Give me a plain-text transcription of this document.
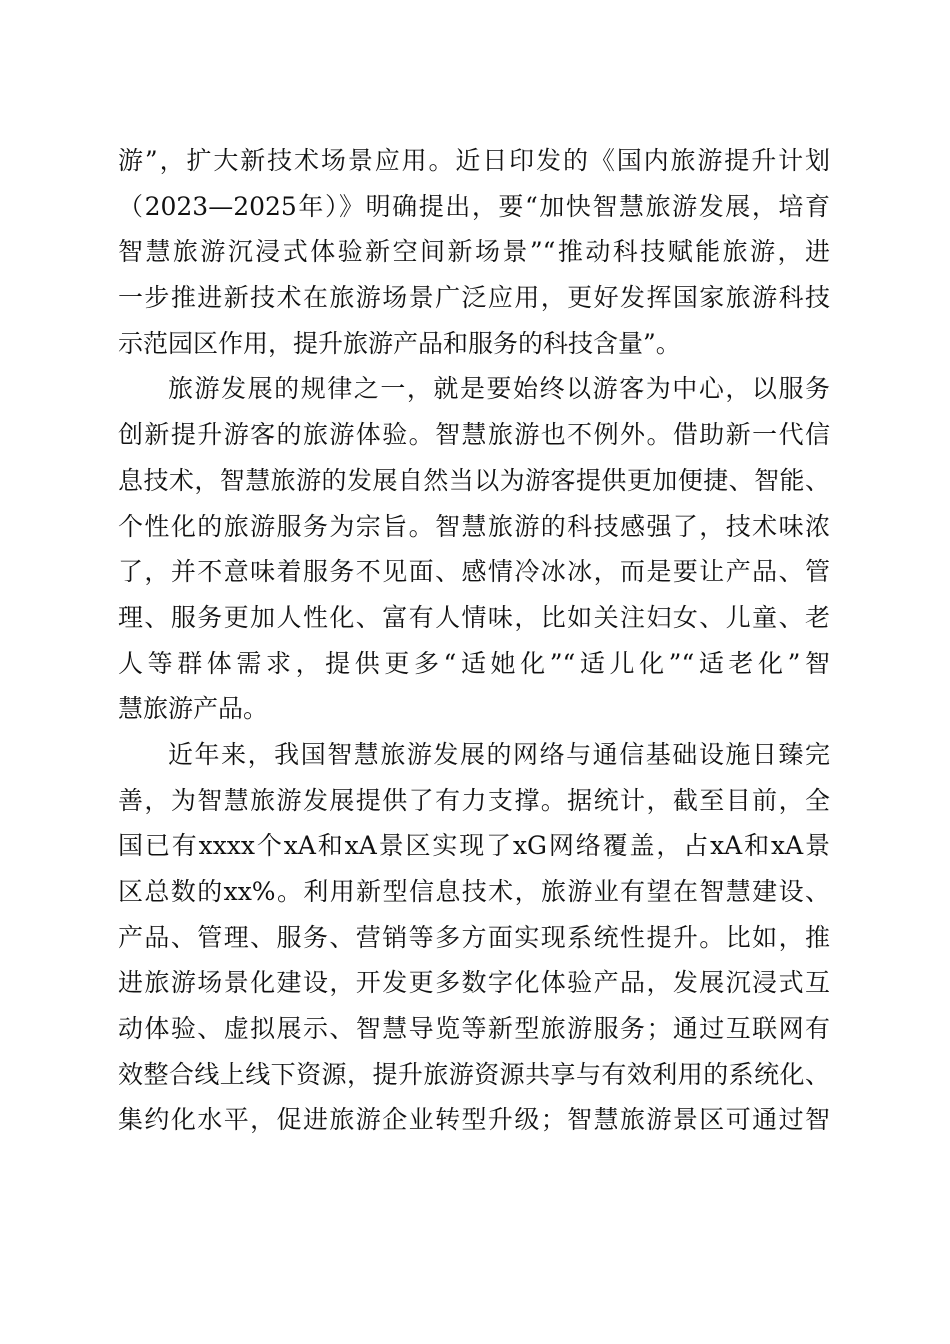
游”，扩大新技术场景应用。近日印发的《国内旅游提升计划
（2023—2025年）》明确提出，要“加快智慧旅游发展，培育
智慧旅游沉浸式体验新空间新场景”“推动科技赋能旅游，进
一步推进新技术在旅游场景广泛应用，更好发挥国家旅游科技
示范园区作用，提升旅游产品和服务的科技含量”。
旅游发展的规律之一，就是要始终以游客为中心，以服务
创新提升游客的旅游体验。智慧旅游也不例外。借助新一代信
息技术，智慧旅游的发展自然当以为游客提供更加便捷、智能、
个性化的旅游服务为宗旨。智慧旅游的科技感强了，技术味浓
了，并不意味着服务不见面、感情冷冰冰，而是要让产品、管
理、服务更加人性化、富有人情味，比如关注妇女、儿童、老
人等群体需求，提供更多“适她化”“适儿化”“适老化”智
慧旅游产品。
近年来，我国智慧旅游发展的网络与通信基础设施日臻完
善，为智慧旅游发展提供了有力支撑。据统计，截至目前，全
国已有xxxx个xA和xA景区实现了xG网络覆盖，占xA和xA景
区总数的xx%。利用新型信息技术，旅游业有望在智慧建设、
产品、管理、服务、营销等多方面实现系统性提升。比如，推
进旅游场景化建设，开发更多数字化体验产品，发展沉浸式互
动体验、虚拟展示、智慧导览等新型旅游服务；通过互联网有
效整合线上线下资源，提升旅游资源共享与有效利用的系统化、
集约化水平，促进旅游企业转型升级；智慧旅游景区可通过智
